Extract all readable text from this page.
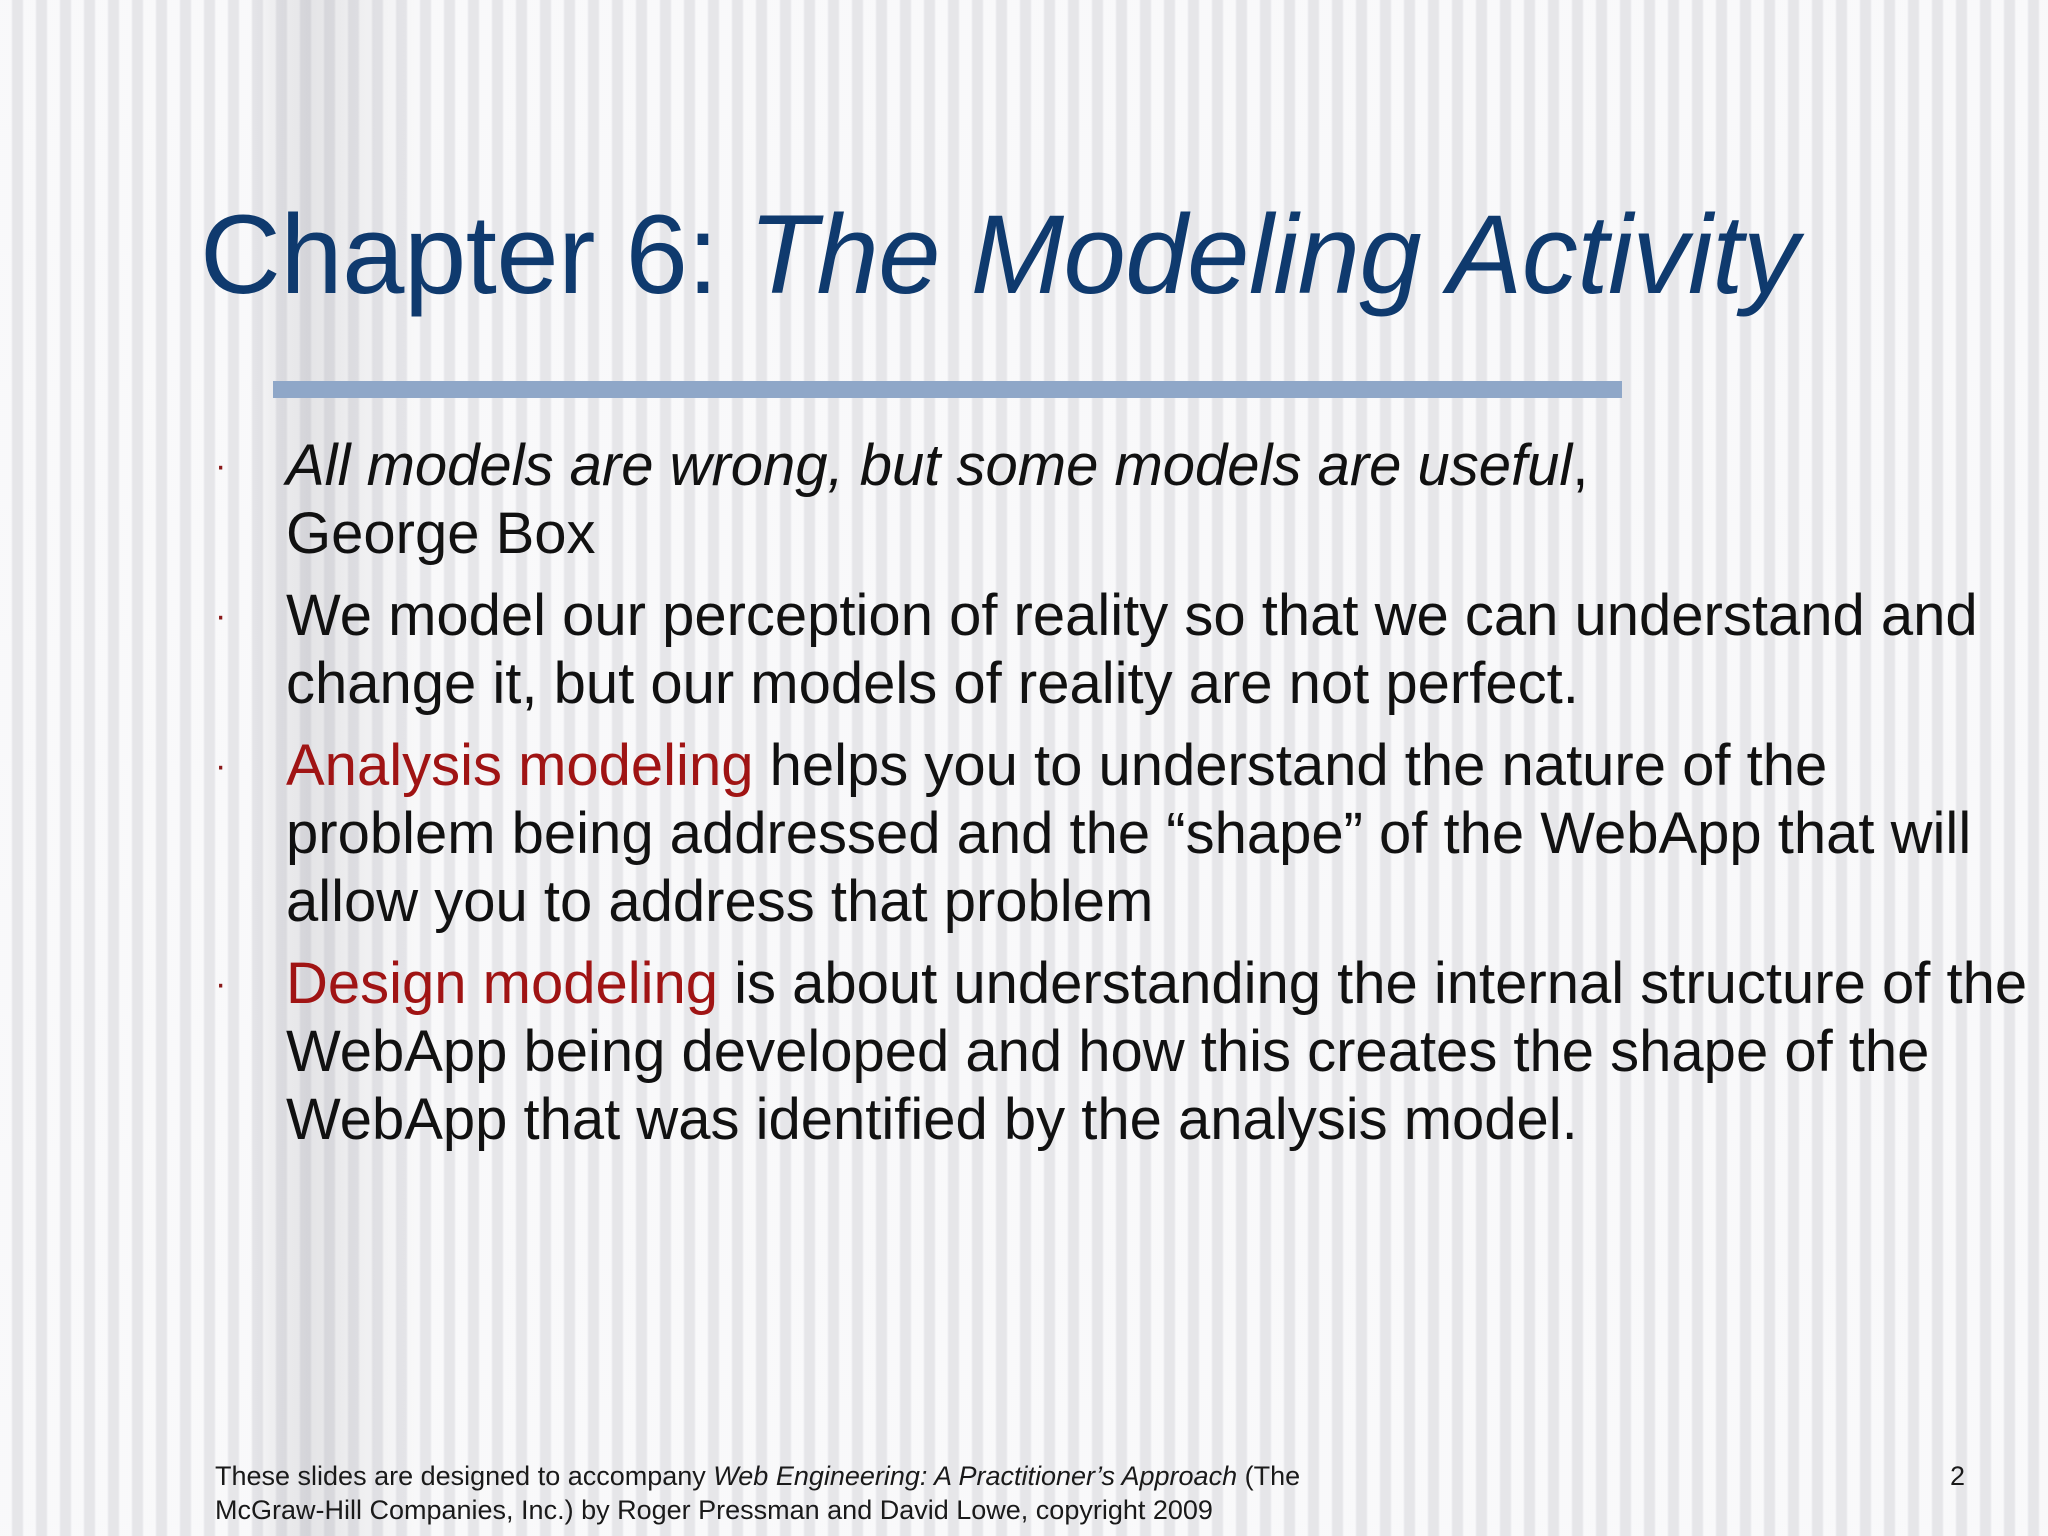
Chapter 6: The Modeling Activity
· All models are wrong, but some models are useful,
George Box
· We model our perception of reality so that we can understand and change it, but our models of reality are not perfect.
· Analysis modeling helps you to understand the nature of the problem being addressed and the “shape” of the WebApp that will allow you to address that problem
· Design modeling is about understanding the internal structure of the WebApp being developed and how this creates the shape of the WebApp that was identified by the analysis model.
These slides are designed to accompany Web Engineering: A Practitioner’s Approach (The McGraw-Hill Companies, Inc.) by Roger Pressman and David Lowe, copyright 2009
2
